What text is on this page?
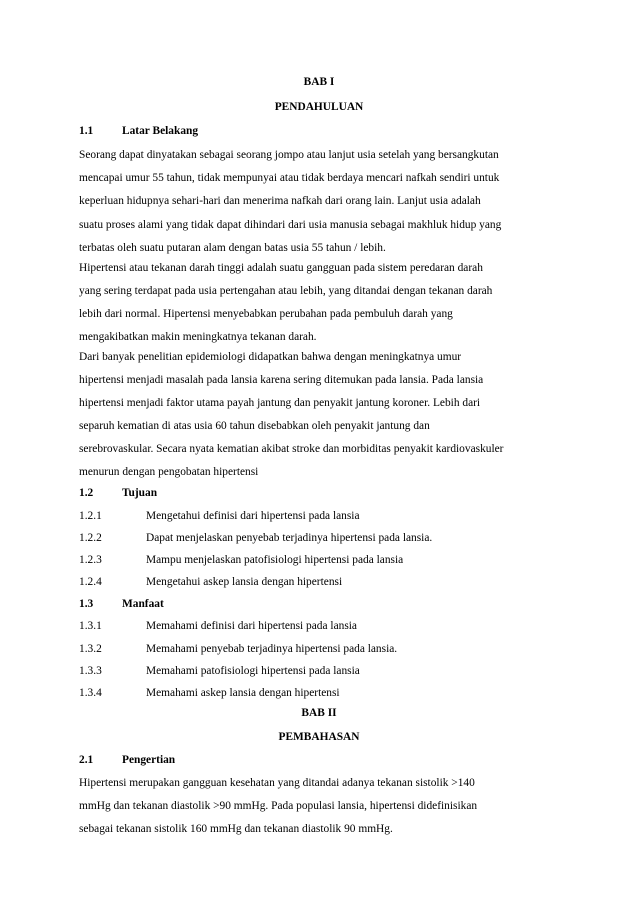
BAB I
PENDAHULUAN
1.1	Latar Belakang
Seorang dapat dinyatakan sebagai seorang jompo atau lanjut usia setelah yang bersangkutan
mencapai umur 55 tahun, tidak mempunyai atau tidak berdaya mencari nafkah sendiri untuk
keperluan hidupnya sehari-hari dan menerima nafkah dari orang lain. Lanjut usia adalah
suatu proses alami yang tidak dapat dihindari dari usia manusia sebagai makhluk hidup yang
terbatas oleh suatu putaran alam dengan batas usia 55 tahun / lebih.
Hipertensi atau tekanan darah tinggi adalah suatu gangguan pada sistem peredaran darah
yang sering terdapat pada usia pertengahan atau lebih, yang ditandai dengan tekanan darah
lebih dari normal. Hipertensi menyebabkan perubahan pada pembuluh darah yang
mengakibatkan makin meningkatnya tekanan darah.
Dari banyak penelitian epidemiologi didapatkan bahwa dengan meningkatnya umur
hipertensi menjadi masalah pada lansia karena sering ditemukan pada lansia. Pada lansia
hipertensi menjadi faktor utama payah jantung dan penyakit jantung koroner. Lebih dari
separuh kematian di atas usia 60 tahun disebabkan oleh penyakit jantung dan
serebrovaskular. Secara nyata kematian akibat stroke dan morbiditas penyakit kardiovaskuler
menurun dengan pengobatan hipertensi
1.2	Tujuan
1.2.1	Mengetahui definisi dari hipertensi pada lansia
1.2.2	Dapat menjelaskan penyebab terjadinya hipertensi pada lansia.
1.2.3	Mampu menjelaskan patofisiologi hipertensi pada lansia
1.2.4	Mengetahui askep lansia dengan hipertensi
1.3	Manfaat
1.3.1	Memahami definisi dari hipertensi pada lansia
1.3.2	Memahami penyebab terjadinya hipertensi pada lansia.
1.3.3	Memahami patofisiologi hipertensi pada lansia
1.3.4	Memahami askep lansia dengan hipertensi
BAB II
PEMBAHASAN
2.1	Pengertian
Hipertensi merupakan gangguan kesehatan yang ditandai adanya tekanan sistolik >140
mmHg dan tekanan diastolik >90 mmHg. Pada populasi lansia, hipertensi didefinisikan
sebagai tekanan sistolik 160 mmHg dan tekanan diastolik 90 mmHg.
